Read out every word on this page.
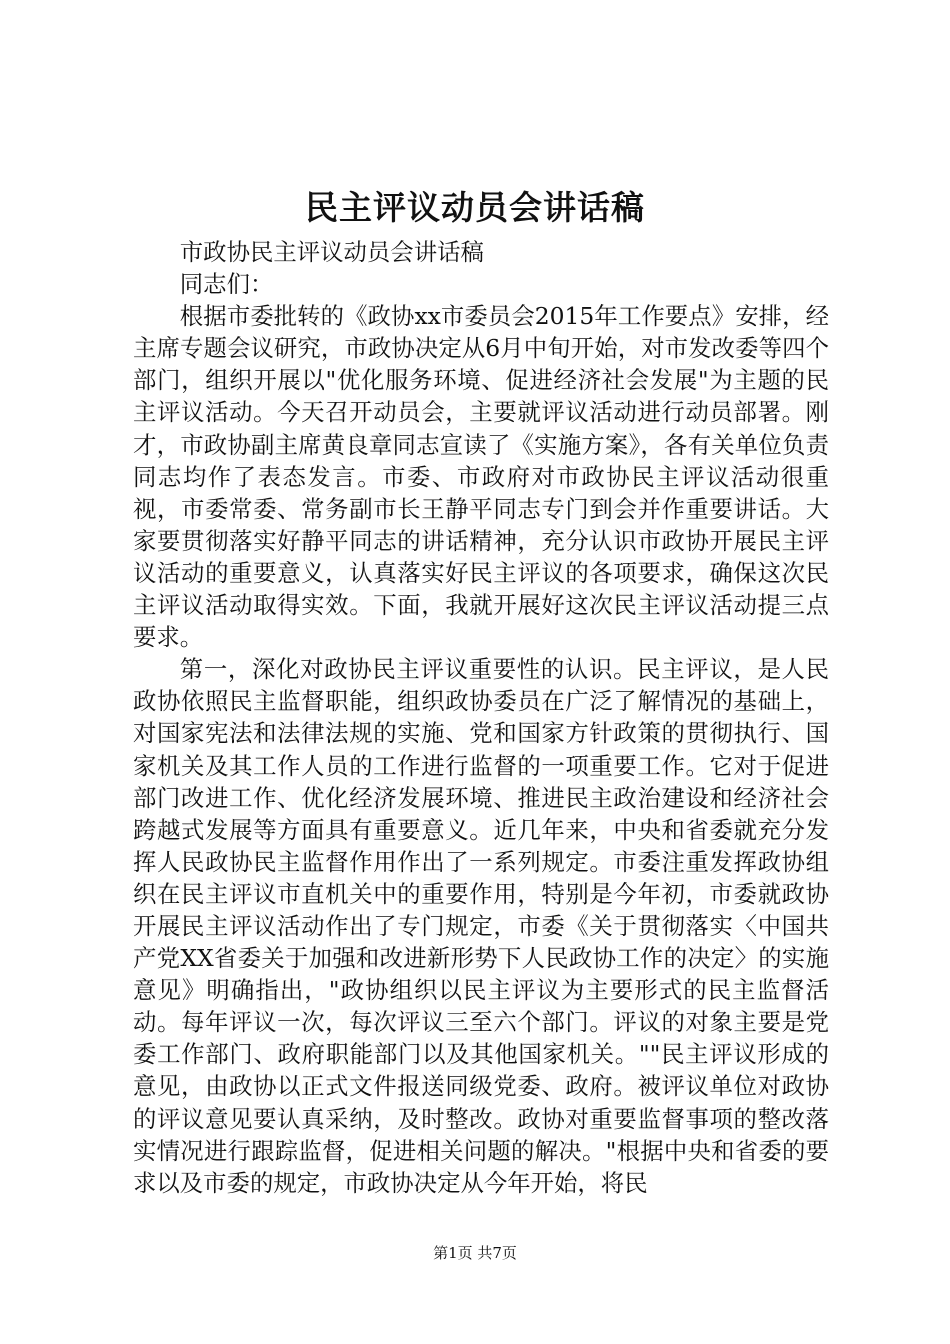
民主评议动员会讲话稿

市政协民主评议动员会讲话稿

同志们：

根据市委批转的《政协xx市委员会2015年工作要点》安排，经主席专题会议研究，市政协决定从6月中旬开始，对市发改委等四个部门，组织开展以"优化服务环境、促进经济社会发展"为主题的民主评议活动。今天召开动员会，主要就评议活动进行动员部署。刚才，市政协副主席黄良章同志宣读了《实施方案》，各有关单位负责同志均作了表态发言。市委、市政府对市政协民主评议活动很重视，市委常委、常务副市长王静平同志专门到会并作重要讲话。大家要贯彻落实好静平同志的讲话精神，充分认识市政协开展民主评议活动的重要意义，认真落实好民主评议的各项要求，确保这次民主评议活动取得实效。下面，我就开展好这次民主评议活动提三点要求。

第一，深化对政协民主评议重要性的认识。民主评议，是人民政协依照民主监督职能，组织政协委员在广泛了解情况的基础上，对国家宪法和法律法规的实施、党和国家方针政策的贯彻执行、国家机关及其工作人员的工作进行监督的一项重要工作。它对于促进部门改进工作、优化经济发展环境、推进民主政治建设和经济社会跨越式发展等方面具有重要意义。近几年来，中央和省委就充分发挥人民政协民主监督作用作出了一系列规定。市委注重发挥政协组织在民主评议市直机关中的重要作用，特别是今年初，市委就政协开展民主评议活动作出了专门规定，市委《关于贯彻落实〈中国共产党XX省委关于加强和改进新形势下人民政协工作的决定〉的实施意见》明确指出，"政协组织以民主评议为主要形式的民主监督活动。每年评议一次，每次评议三至六个部门。评议的对象主要是党委工作部门、政府职能部门以及其他国家机关。""民主评议形成的意见，由政协以正式文件报送同级党委、政府。被评议单位对政协的评议意见要认真采纳，及时整改。政协对重要监督事项的整改落实情况进行跟踪监督，促进相关问题的解决。"根据中央和省委的要求以及市委的规定，市政协决定从今年开始，将民

第1页 共7页
